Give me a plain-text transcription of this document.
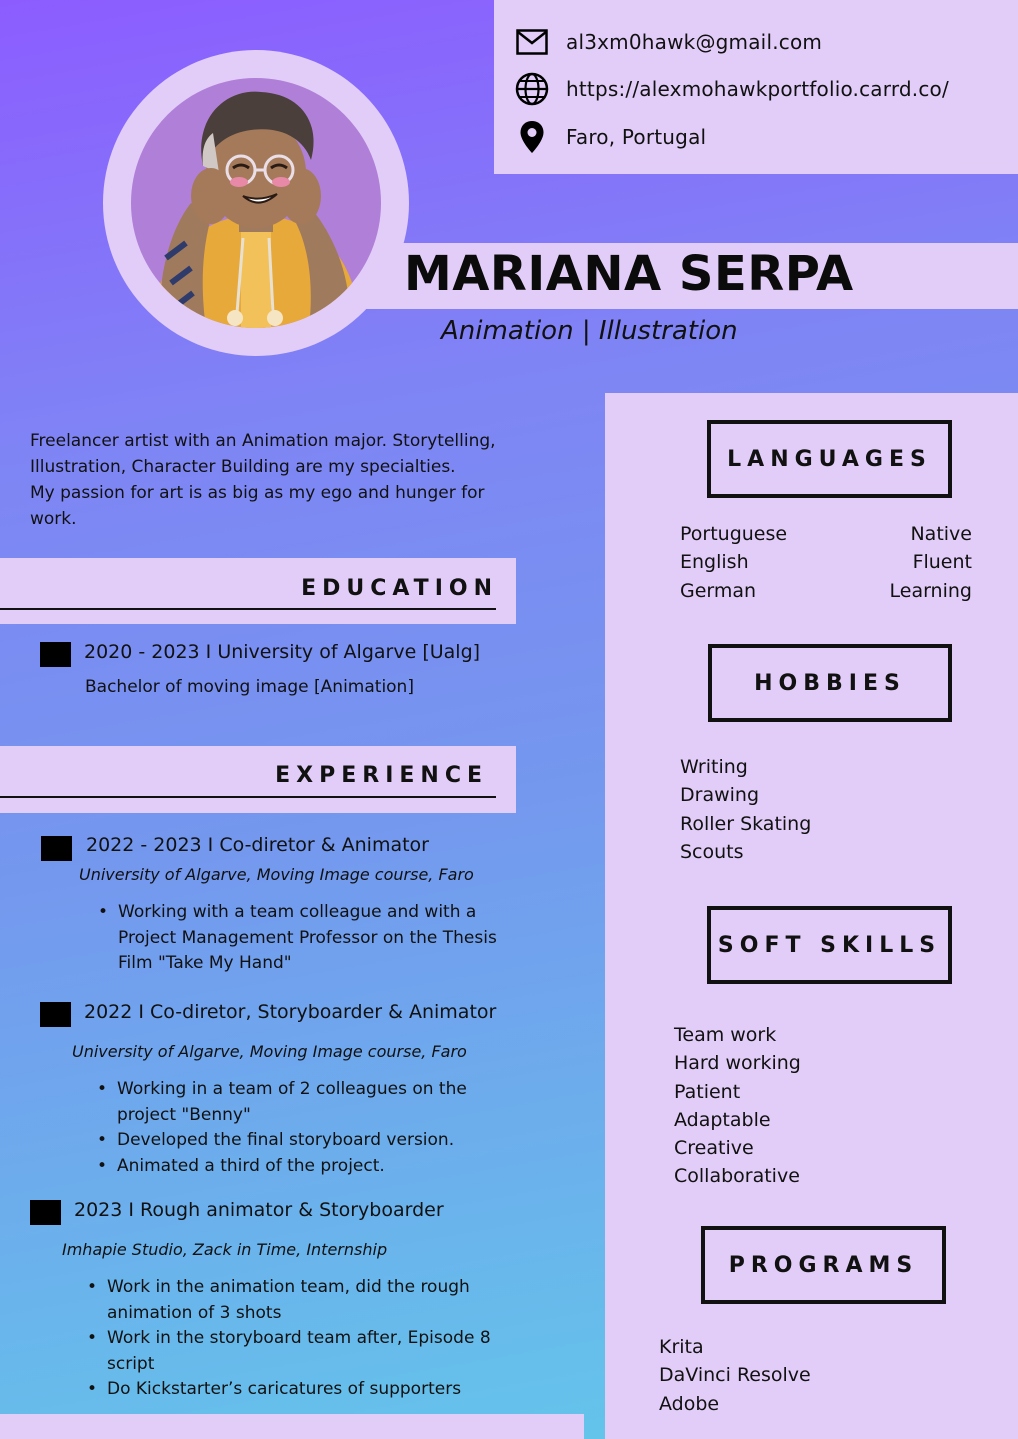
al3xm0hawk@gmail.com
https://alexmohawkportfolio.carrd.co/
Faro, Portugal
MARIANA SERPA
Animation | Illustration
Freelancer artist with an Animation major. Storytelling,
Illustration, Character Building are my specialties.
My passion for art is as big as my ego and hunger for
work.
EDUCATION
2020 - 2023 I University of Algarve [Ualg]
Bachelor of moving image [Animation]
EXPERIENCE
2022 - 2023 I Co-diretor & Animator
University of Algarve, Moving Image course, Faro
• Working with a team colleague and with a
Project Management Professor on the Thesis
Film "Take My Hand"
2022 I Co-diretor, Storyboarder & Animator
University of Algarve, Moving Image course, Faro
• Working in a team of 2 colleagues on the
project "Benny"
• Developed the final storyboard version.
• Animated a third of the project.
2023 I Rough animator & Storyboarder
Imhapie Studio, Zack in Time, Internship
• Work in the animation team, did the rough
animation of 3 shots
• Work in the storyboard team after, Episode 8
script
• Do Kickstarter’s caricatures of supporters
LANGUAGES
Portuguese	Native
English	Fluent
German	Learning
HOBBIES
Writing
Drawing
Roller Skating
Scouts
SOFT SKILLS
Team work
Hard working
Patient
Adaptable
Creative
Collaborative
PROGRAMS
Krita
DaVinci Resolve
Adobe
